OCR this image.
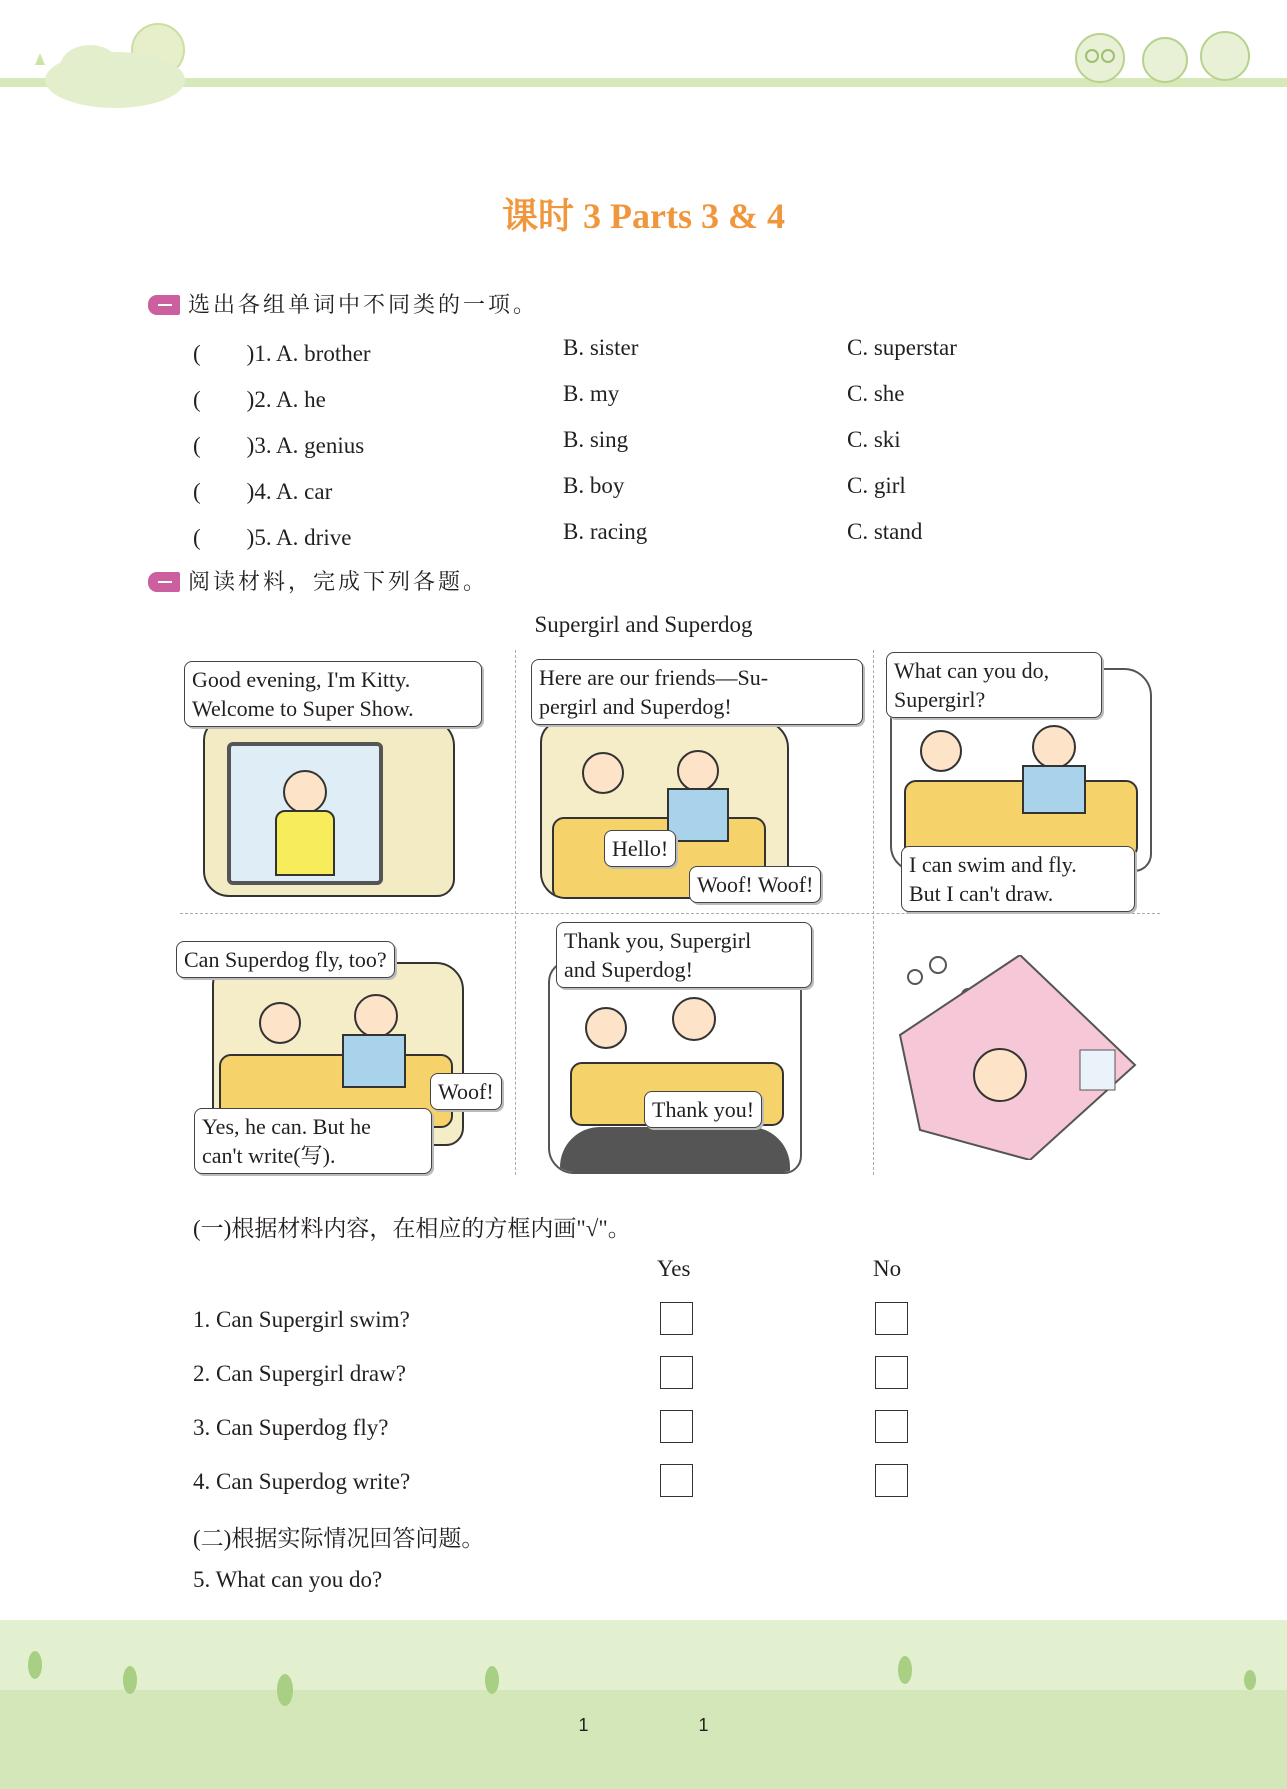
课时 3 Parts 3 & 4
选出各组单词中不同类的一项。
(　　)1. A. brother	B. sister	C. superstar
(　　)2. A. he	B. my	C. she
(　　)3. A. genius	B. sing	C. ski
(　　)4. A. car	B. boy	C. girl
(　　)5. A. drive	B. racing	C. stand
阅读材料，完成下列各题。
Supergirl and Superdog
Good evening, I'm Kitty.
Welcome to Super Show.
Here are our friends—Su-
pergirl and Superdog!
Hello!
Woof! Woof!
What can you do,
Supergirl?
I can swim and fly.
But I can't draw.
Can Superdog fly, too?
Woof!
Yes, he can. But he
can't write(写).
Thank you, Supergirl
and Superdog!
Thank you!
(一)根据材料内容，在相应的方框内画"√"。
Yes	No
1. Can Supergirl swim?
2. Can Supergirl draw?
3. Can Superdog fly?
4. Can Superdog write?
(二)根据实际情况回答问题。
5. What can you do?
1  1
